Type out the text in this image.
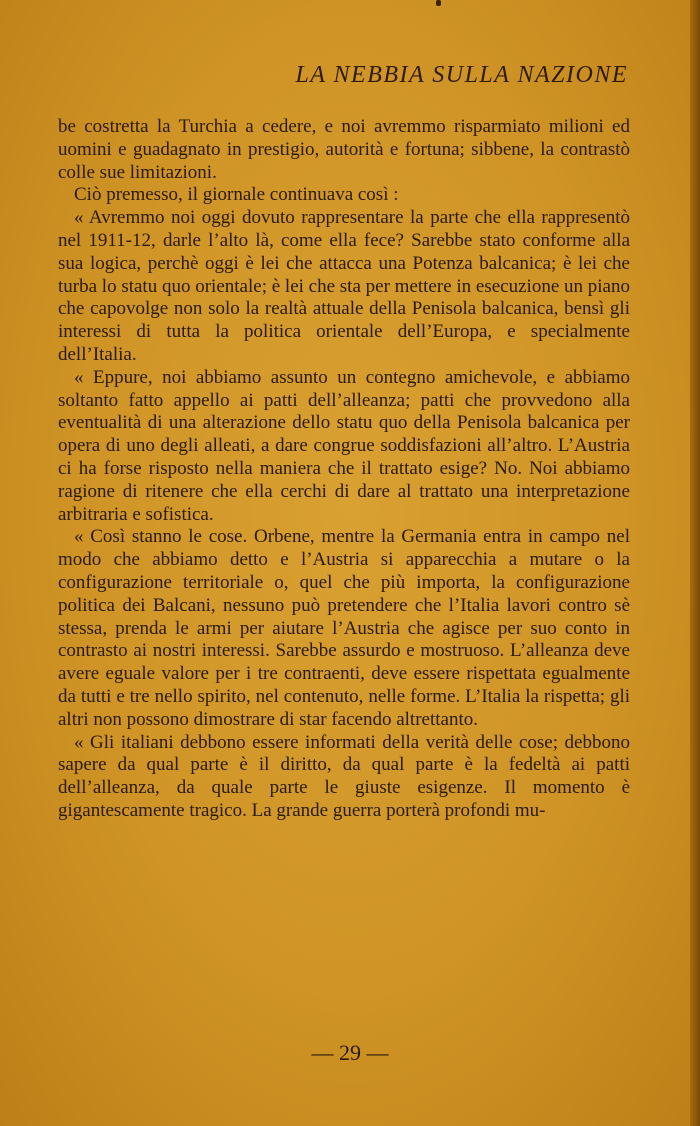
LA NEBBIA SULLA NAZIONE

be costretta la Turchia a cedere, e noi avremmo risparmiato milioni ed uomini e guadagnato in prestigio, autorità e fortuna; sibbene, la contrastò colle sue limitazioni.

Ciò premesso, il giornale continuava così :

« Avremmo noi oggi dovuto rappresentare la parte che ella rappresentò nel 1911-12, darle l’alto là, come ella fece? Sarebbe stato conforme alla sua logica, perchè oggi è lei che attacca una Potenza balcanica; è lei che turba lo statu quo orientale; è lei che sta per mettere in esecuzione un piano che capovolge non solo la realtà attuale della Penisola balcanica, bensì gli interessi di tutta la politica orientale dell’Europa, e specialmente dell’Italia.

« Eppure, noi abbiamo assunto un contegno amichevole, e abbiamo soltanto fatto appello ai patti dell’alleanza; patti che provvedono alla eventualità di una alterazione dello statu quo della Penisola balcanica per opera di uno degli alleati, a dare congrue soddisfazioni all’altro. L’Austria ci ha forse risposto nella maniera che il trattato esige? No. Noi abbiamo ragione di ritenere che ella cerchi di dare al trattato una interpretazione arbitraria e sofistica.

« Così stanno le cose. Orbene, mentre la Germania entra in campo nel modo che abbiamo detto e l’Austria si apparecchia a mutare o la configurazione territoriale o, quel che più importa, la configurazione politica dei Balcani, nessuno può pretendere che l’Italia lavori contro sè stessa, prenda le armi per aiutare l’Austria che agisce per suo conto in contrasto ai nostri interessi. Sarebbe assurdo e mostruoso. L’alleanza deve avere eguale valore per i tre contraenti, deve essere rispettata egualmente da tutti e tre nello spirito, nel contenuto, nelle forme. L’Italia la rispetta; gli altri non possono dimostrare di star facendo altrettanto.

« Gli italiani debbono essere informati della verità delle cose; debbono sapere da qual parte è il diritto, da qual parte è la fedeltà ai patti dell’alleanza, da quale parte le giuste esigenze. Il momento è gigantescamente tragico. La grande guerra porterà profondi mu-

— 29 —
